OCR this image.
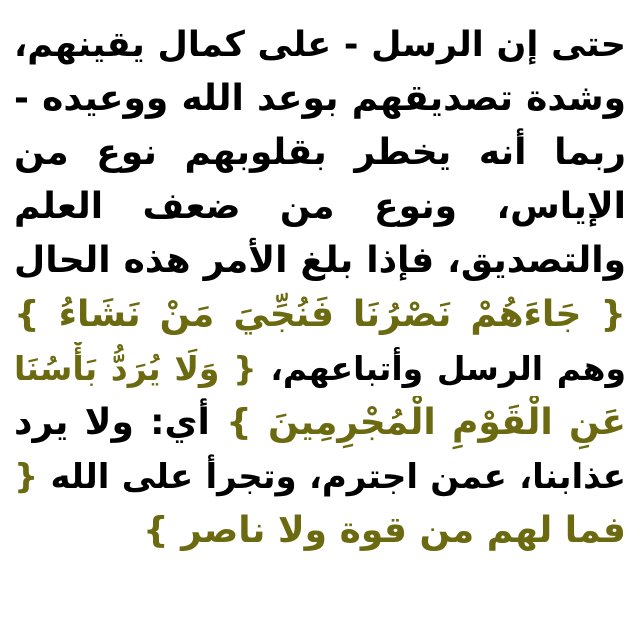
حتى إن الرسل - على كمال يقينهم،
وشدة تصديقهم بوعد الله ووعيده -
ربما أنه يخطر بقلوبهم نوع من
الإياس، ونوع من ضعف العلم
والتصديق، فإذا بلغ الأمر هذه الحال
{ جَاءَهُمْ نَصْرُنَا فَنُجِّيَ مَنْ نَشَاءُ }
وهم الرسل وأتباعهم، { وَلَا يُرَدُّ بَأْسُنَا
عَنِ الْقَوْمِ الْمُجْرِمِينَ } أي: ولا يرد
عذابنا، عمن اجترم، وتجرأ على الله {
فما لهم من قوة ولا ناصر }
